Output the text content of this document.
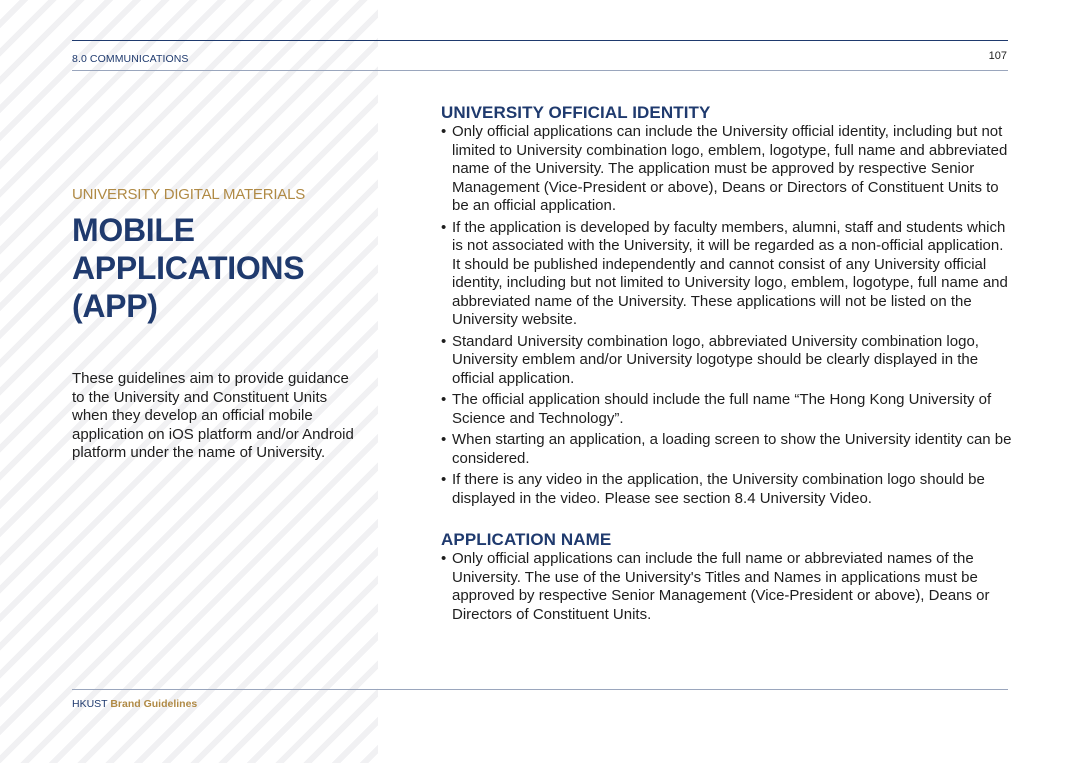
8.0 COMMUNICATIONS	107
UNIVERSITY DIGITAL MATERIALS
MOBILE
APPLICATIONS
(APP)
These guidelines aim to provide guidance to the University and Constituent Units when they develop an official mobile application on iOS platform and/or Android platform under the name of University.
UNIVERSITY OFFICIAL IDENTITY
• Only official applications can include the University official identity, including but not limited to University combination logo, emblem, logotype, full name and abbreviated name of the University. The application must be approved by respective Senior Management (Vice-President or above), Deans or Directors of Constituent Units to be an official application.
• If the application is developed by faculty members, alumni, staff and students which is not associated with the University, it will be regarded as a non-official application. It should be published independently and cannot consist of any University official identity, including but not limited to University logo, emblem, logotype, full name and abbreviated name of the University. These applications will not be listed on the University website.
• Standard University combination logo, abbreviated University combination logo, University emblem and/or University logotype should be clearly displayed in the official application.
• The official application should include the full name “The Hong Kong University of Science and Technology”.
• When starting an application, a loading screen to show the University identity can be considered.
• If there is any video in the application, the University combination logo should be displayed in the video. Please see section 8.4 University Video.
APPLICATION NAME
• Only official applications can include the full name or abbreviated names of the University. The use of the University's Titles and Names in applications must be approved by respective Senior Management (Vice-President or above), Deans or Directors of Constituent Units.
HKUST Brand Guidelines
